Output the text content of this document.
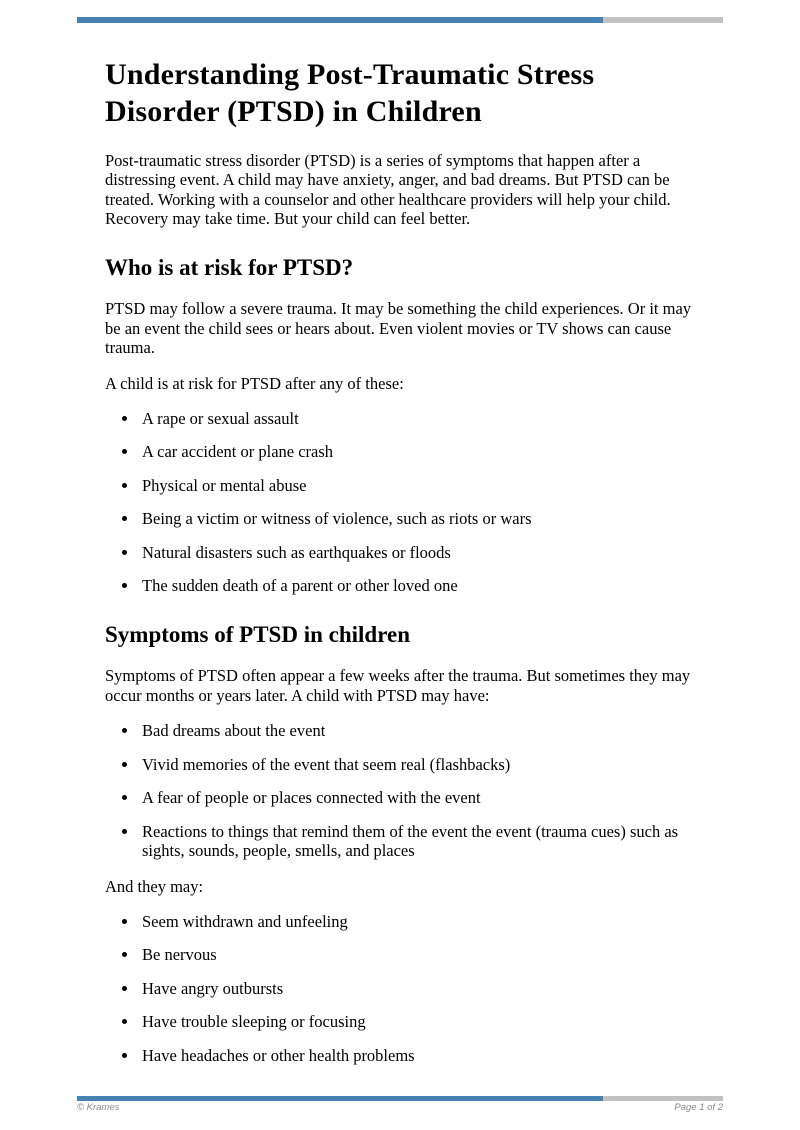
Understanding Post-Traumatic Stress Disorder (PTSD) in Children

Post-traumatic stress disorder (PTSD) is a series of symptoms that happen after a distressing event. A child may have anxiety, anger, and bad dreams. But PTSD can be treated. Working with a counselor and other healthcare providers will help your child. Recovery may take time. But your child can feel better.

Who is at risk for PTSD?

PTSD may follow a severe trauma. It may be something the child experiences. Or it may be an event the child sees or hears about. Even violent movies or TV shows can cause trauma.

A child is at risk for PTSD after any of these:

• A rape or sexual assault
• A car accident or plane crash
• Physical or mental abuse
• Being a victim or witness of violence, such as riots or wars
• Natural disasters such as earthquakes or floods
• The sudden death of a parent or other loved one
Symptoms of PTSD in children

Symptoms of PTSD often appear a few weeks after the trauma. But sometimes they may occur months or years later. A child with PTSD may have:

• Bad dreams about the event
• Vivid memories of the event that seem real (flashbacks)
• A fear of people or places connected with the event
• Reactions to things that remind them of the event the event (trauma cues) such as sights, sounds, people, smells, and places

And they may:

• Seem withdrawn and unfeeling
• Be nervous
• Have angry outbursts
• Have trouble sleeping or focusing
• Have headaches or other health problems
© Krames	Page 1 of 2
